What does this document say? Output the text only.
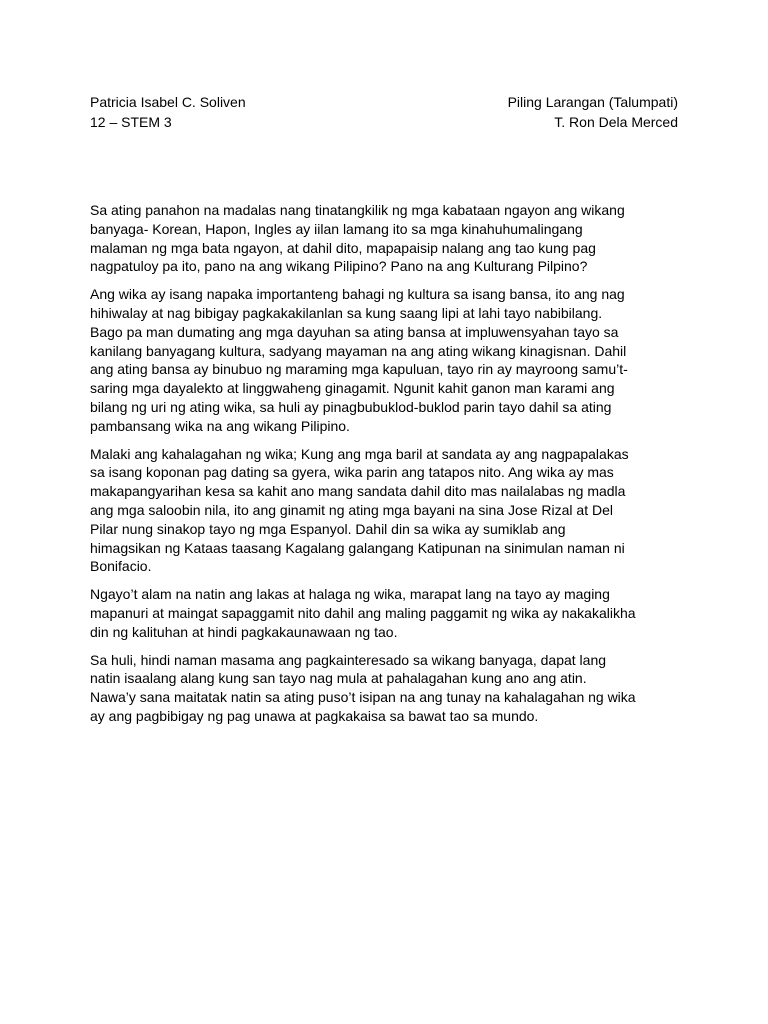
Patricia Isabel C. Soliven	Piling Larangan (Talumpati)
12 – STEM 3	T. Ron Dela Merced
Sa ating panahon na madalas nang tinatangkilik ng mga kabataan ngayon ang wikang
banyaga- Korean, Hapon, Ingles ay iilan lamang ito sa mga kinahuhumalingang
malaman ng mga bata ngayon, at dahil dito, mapapaisip nalang ang tao kung pag
nagpatuloy pa ito, pano na ang wikang Pilipino? Pano na ang Kulturang Pilpino?
Ang wika ay isang napaka importanteng bahagi ng kultura sa isang bansa, ito ang nag
hihiwalay at nag bibigay pagkakakilanlan sa kung saang lipi at lahi tayo nabibilang.
Bago pa man dumating ang mga dayuhan sa ating bansa at impluwensyahan tayo sa
kanilang banyagang kultura, sadyang mayaman na ang ating wikang kinagisnan. Dahil
ang ating bansa ay binubuo ng maraming mga kapuluan, tayo rin ay mayroong samu’t-
saring mga dayalekto at linggwaheng ginagamit. Ngunit kahit ganon man karami ang
bilang ng uri ng ating wika, sa huli ay pinagbubuklod-buklod parin tayo dahil sa ating
pambansang wika na ang wikang Pilipino.
Malaki ang kahalagahan ng wika; Kung ang mga baril at sandata ay ang nagpapalakas
sa isang koponan pag dating sa gyera, wika parin ang tatapos nito. Ang wika ay mas
makapangyarihan kesa sa kahit ano mang sandata dahil dito mas nailalabas ng madla
ang mga saloobin nila, ito ang ginamit ng ating mga bayani na sina Jose Rizal at Del
Pilar nung sinakop tayo ng mga Espanyol. Dahil din sa wika ay sumiklab ang
himagsikan ng Kataas taasang Kagalang galangang Katipunan na sinimulan naman ni
Bonifacio.
Ngayo’t alam na natin ang lakas at halaga ng wika, marapat lang na tayo ay maging
mapanuri at maingat sapaggamit nito dahil ang maling paggamit ng wika ay nakakalikha
din ng kalituhan at hindi pagkakaunawaan ng tao.
Sa huli, hindi naman masama ang pagkainteresado sa wikang banyaga, dapat lang
natin isaalang alang kung san tayo nag mula at pahalagahan kung ano ang atin.
Nawa’y sana maitatak natin sa ating puso’t isipan na ang tunay na kahalagahan ng wika
ay ang pagbibigay ng pag unawa at pagkakaisa sa bawat tao sa mundo.
